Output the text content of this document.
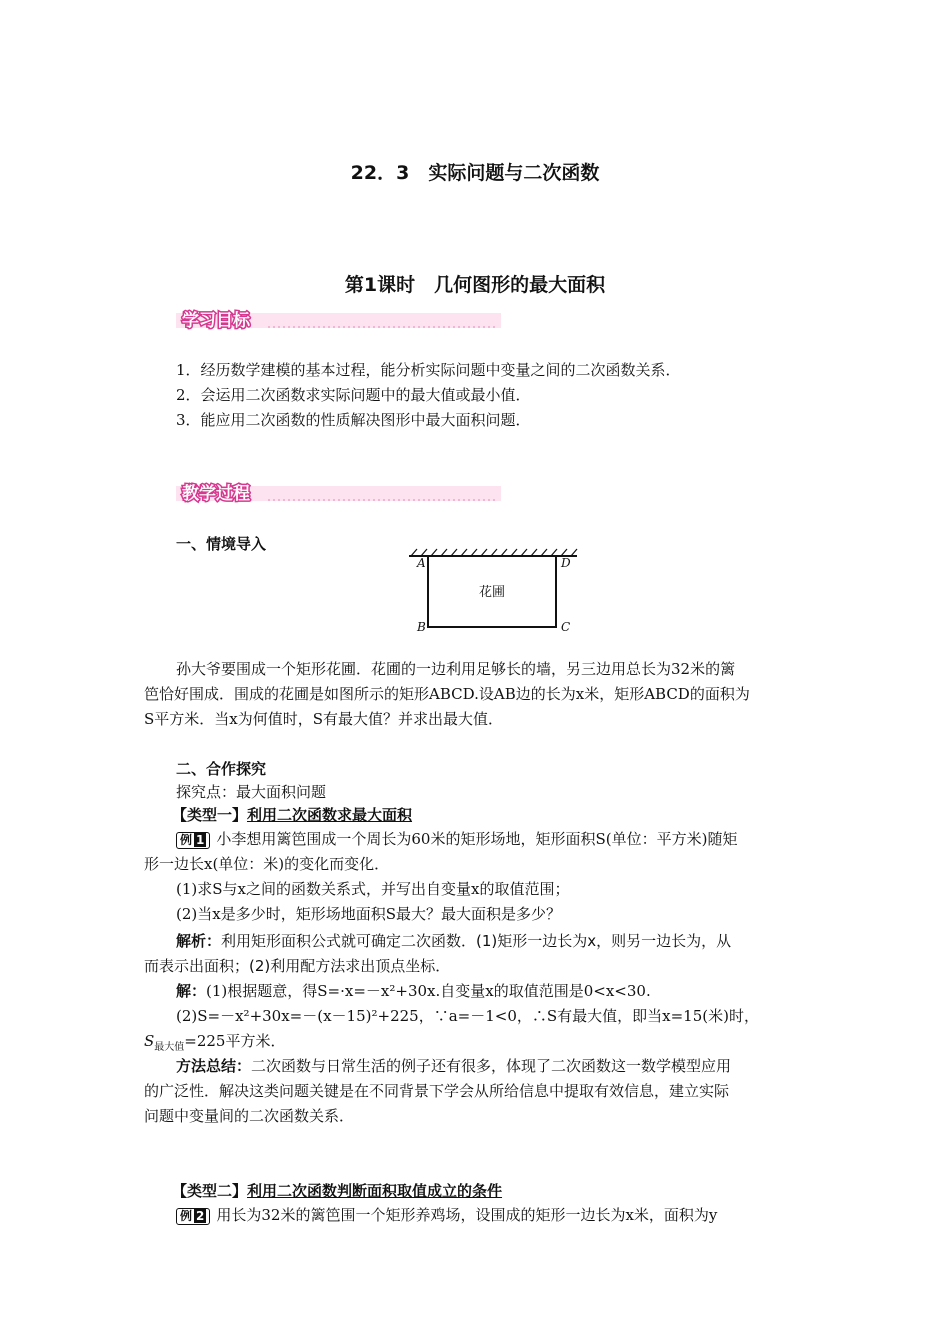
22．3　实际问题与二次函数
第1课时　几何图形的最大面积
学习目标
1．经历数学建模的基本过程，能分析实际问题中变量之间的二次函数关系．
2．会运用二次函数求实际问题中的最大值或最小值．
3．能应用二次函数的性质解决图形中最大面积问题．
教学过程
一、情境导入
花圃
A
B	C
D
孙大爷要围成一个矩形花圃．花圃的一边利用足够长的墙，另三边用总长为32米的篱
笆恰好围成．围成的花圃是如图所示的矩形ABCD.设AB边的长为x米，矩形ABCD的面积为
S平方米．当x为何值时，S有最大值？并求出最大值．
二、合作探究
探究点：最大面积问题
【类型一】利用二次函数求最大面积
例 1 小李想用篱笆围成一个周长为60米的矩形场地，矩形面积S(单位：平方米)随矩
形一边长x(单位：米)的变化而变化．
(1)求S与x之间的函数关系式，并写出自变量x的取值范围；
(2)当x是多少时，矩形场地面积S最大？最大面积是多少？
解析：利用矩形面积公式就可确定二次函数．(1)矩形一边长为x，则另一边长为，从
而表示出面积；(2)利用配方法求出顶点坐标．
解：(1)根据题意，得S=·x=－x²+30x.自变量x的取值范围是0<x<30.
(2)S=－x²+30x=－(x－15)²+225，∵a=－1<0，∴S有最大值，即当x=15(米)时，
$S_{最大值}=225$平方米．
方法总结：二次函数与日常生活的例子还有很多，体现了二次函数这一数学模型应用
的广泛性．解决这类问题关键是在不同背景下学会从所给信息中提取有效信息，建立实际
问题中变量间的二次函数关系．
【类型二】利用二次函数判断面积取值成立的条件
例 2 用长为32米的篱笆围一个矩形养鸡场，设围成的矩形一边长为x米，面积为y
